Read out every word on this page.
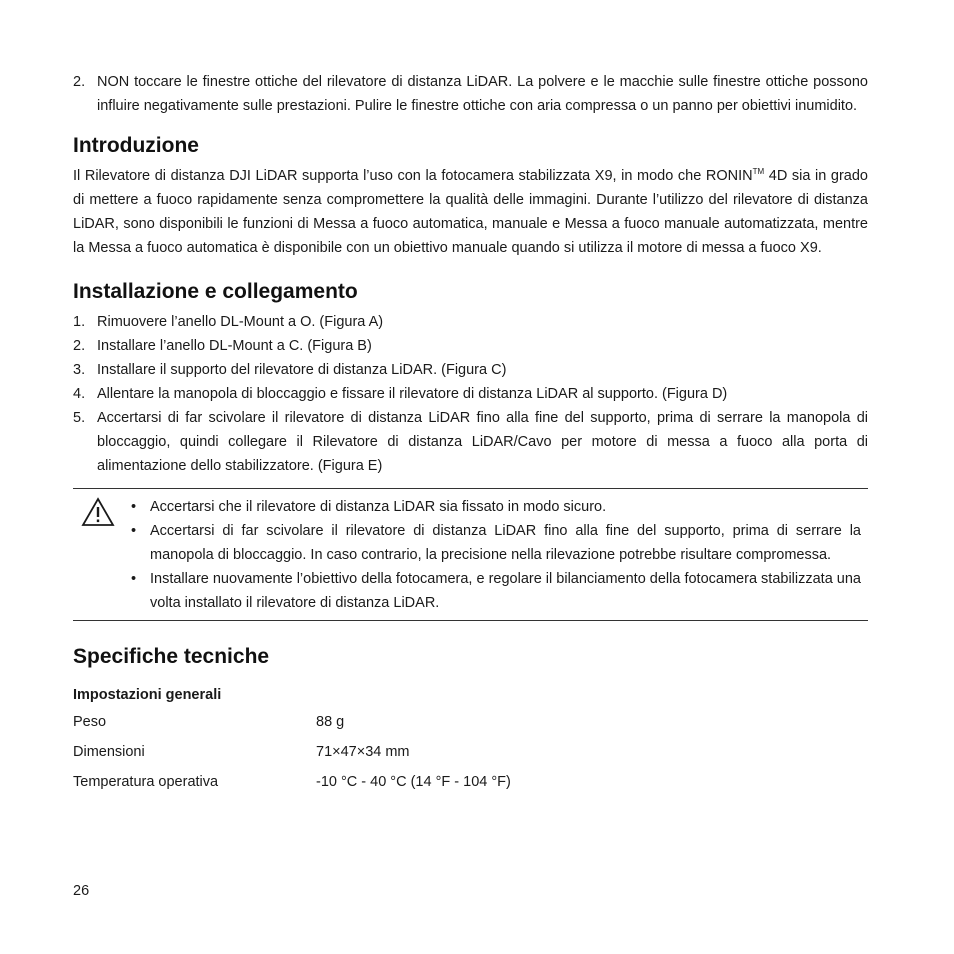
2. NON toccare le finestre ottiche del rilevatore di distanza LiDAR. La polvere e le macchie sulle finestre ottiche possono influire negativamente sulle prestazioni. Pulire le finestre ottiche con aria compressa o un panno per obiettivi inumidito.
Introduzione

Il Rilevatore di distanza DJI LiDAR supporta l’uso con la fotocamera stabilizzata X9, in modo che RONIN™ 4D sia in grado di mettere a fuoco rapidamente senza compromettere la qualità delle immagini. Durante l’utilizzo del rilevatore di distanza LiDAR, sono disponibili le funzioni di Messa a fuoco automatica, manuale e Messa a fuoco manuale automatizzata, mentre la Messa a fuoco automatica è disponibile con un obiettivo manuale quando si utilizza il motore di messa a fuoco X9.

Installazione e collegamento
1. Rimuovere l’anello DL-Mount a O. (Figura A)
2. Installare l’anello DL-Mount a C. (Figura B)
3. Installare il supporto del rilevatore di distanza LiDAR. (Figura C)
4. Allentare la manopola di bloccaggio e fissare il rilevatore di distanza LiDAR al supporto. (Figura D)
5. Accertarsi di far scivolare il rilevatore di distanza LiDAR fino alla fine del supporto, prima di serrare la manopola di bloccaggio, quindi collegare il Rilevatore di distanza LiDAR/Cavo per motore di messa a fuoco alla porta di alimentazione dello stabilizzatore. (Figura E)
• Accertarsi che il rilevatore di distanza LiDAR sia fissato in modo sicuro.
• Accertarsi di far scivolare il rilevatore di distanza LiDAR fino alla fine del supporto, prima di serrare la manopola di bloccaggio. In caso contrario, la precisione nella rilevazione potrebbe risultare compromessa.
• Installare nuovamente l’obiettivo della fotocamera, e regolare il bilanciamento della fotocamera stabilizzata una volta installato il rilevatore di distanza LiDAR.
Specifiche tecniche
Impostazioni generali
Peso	88 g
Dimensioni	71×47×34 mm
Temperatura operativa	-10 °C - 40 °C (14 °F - 104 °F)
26
